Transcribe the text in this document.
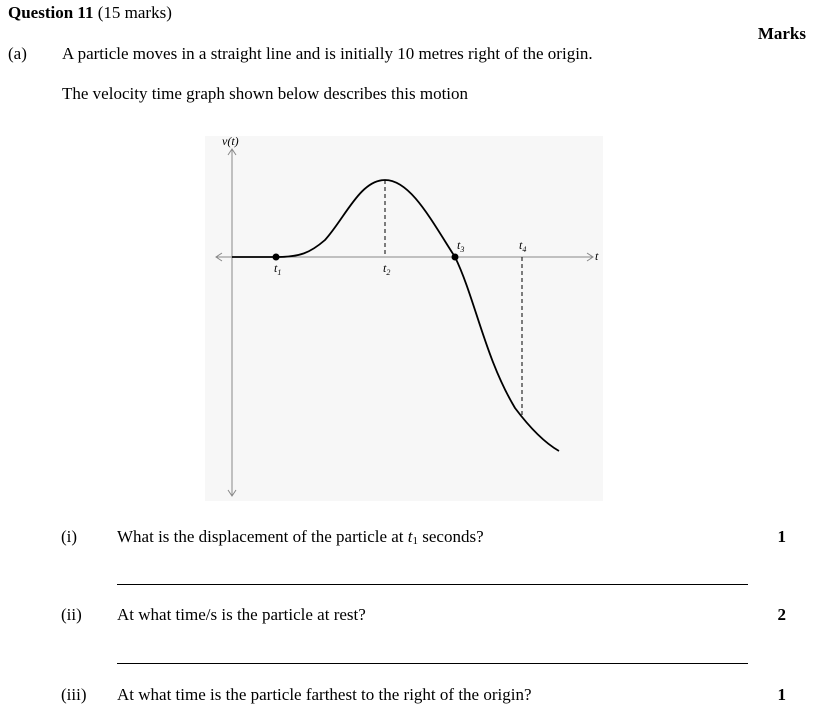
Question 11 (15 marks)
Marks
(a) A particle moves in a straight line and is initially 10 metres right of the origin.
The velocity time graph shown below describes this motion
v(t)
t
$t_1$	$t_2$
$t_3$	$t_4$
(i) What is the displacement of the particle at t1 seconds?	1
(ii) At what time/s is the particle at rest?	2
(iii) At what time is the particle farthest to the right of the origin?	1
